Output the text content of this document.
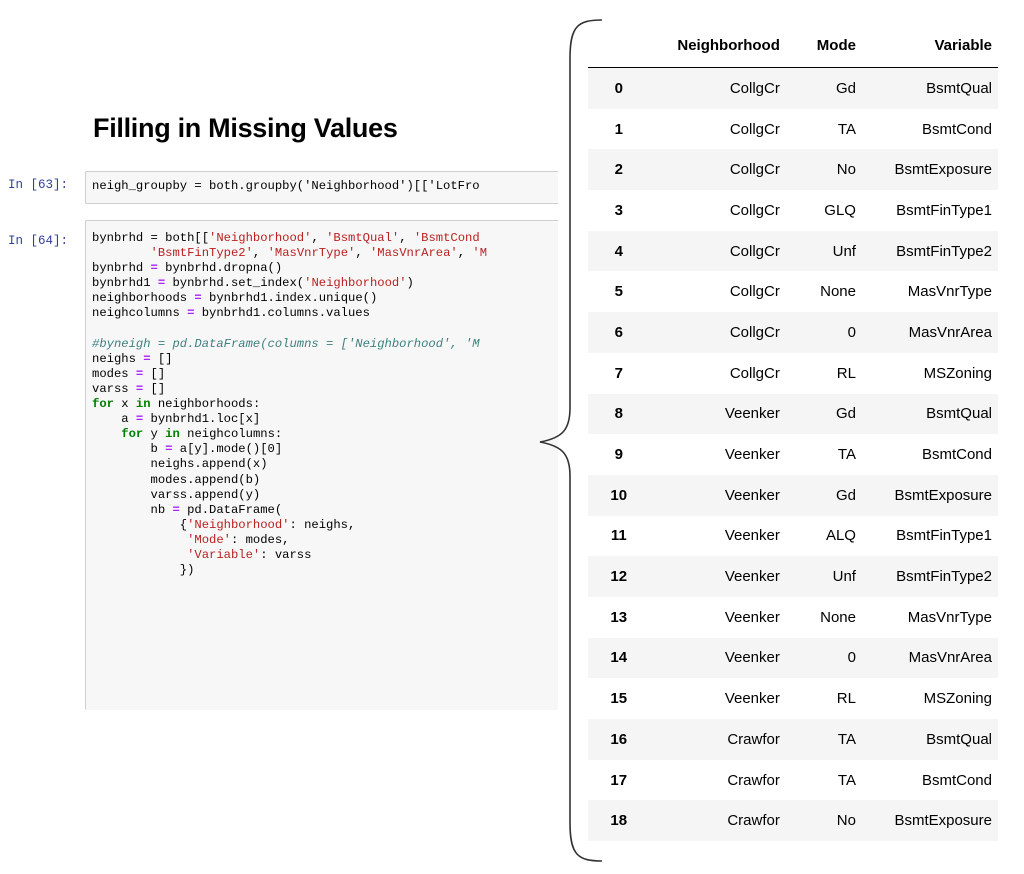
Filling in Missing Values
In [63]:	neigh_groupby = both.groupby('Neighborhood')[['LotFro
In [64]:	bynbrhd = both[['Neighborhood', 'BsmtQual', 'BsmtCond
'BsmtFinType2', 'MasVnrType', 'MasVnrArea', 'M
bynbrhd = bynbrhd.dropna()
bynbrhd1 = bynbrhd.set_index('Neighborhood')
neighborhoods = bynbrhd1.index.unique()
neighcolumns = bynbrhd1.columns.values

#byneigh = pd.DataFrame(columns = ['Neighborhood', 'M
neighs = []
modes = []
varss = []
for x in neighborhoods:
a = bynbrhd1.loc[x]
for y in neighcolumns:
b = a[y].mode()[0]
neighs.append(x)
modes.append(b)
varss.append(y)
nb = pd.DataFrame(
{'Neighborhood': neighs,
'Mode': modes,
'Variable': varss
})
	Neighborhood	Mode	Variable
0	CollgCr	Gd	BsmtQual
1	CollgCr	TA	BsmtCond
2	CollgCr	No	BsmtExposure
3	CollgCr	GLQ	BsmtFinType1
4	CollgCr	Unf	BsmtFinType2
5	CollgCr	None	MasVnrType
6	CollgCr	0	MasVnrArea
7	CollgCr	RL	MSZoning
8	Veenker	Gd	BsmtQual
9	Veenker	TA	BsmtCond
10	Veenker	Gd	BsmtExposure
11	Veenker	ALQ	BsmtFinType1
12	Veenker	Unf	BsmtFinType2
13	Veenker	None	MasVnrType
14	Veenker	0	MasVnrArea
15	Veenker	RL	MSZoning
16	Crawfor	TA	BsmtQual
17	Crawfor	TA	BsmtCond
18	Crawfor	No	BsmtExposure
